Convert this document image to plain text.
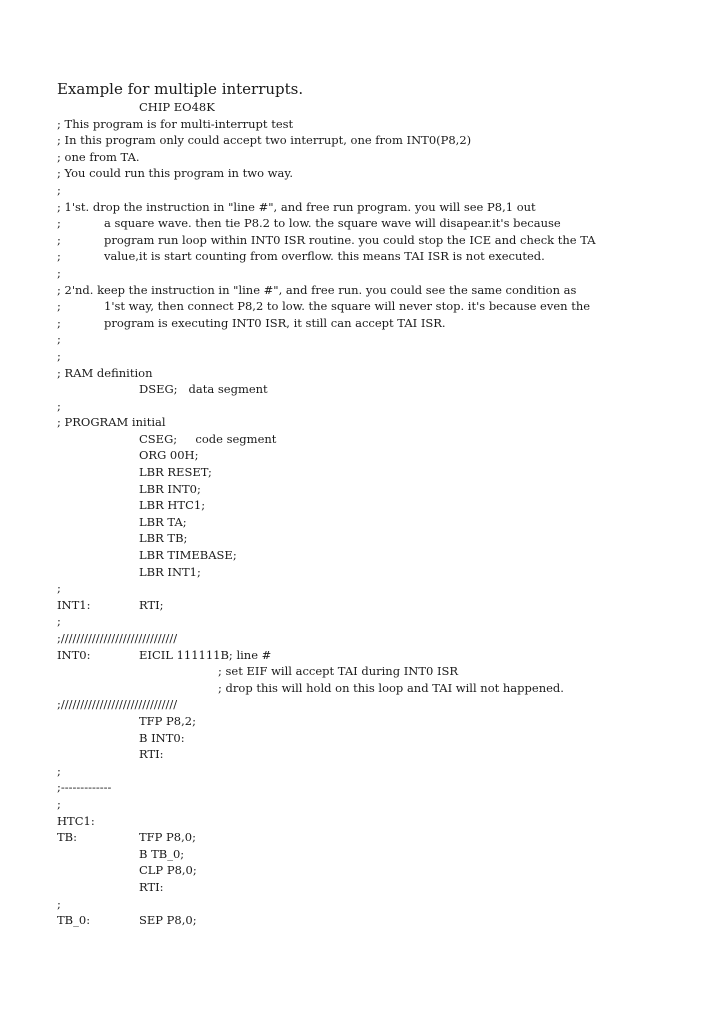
Example for multiple interrupts.
CHIP EO48K
; This program is for multi-interrupt test
; In this program only could accept two interrupt, one from INT0(P8,2)
; one from TA.
; You could run this program in two way.
;
; 1'st. drop the instruction in "line #", and free run program. you will see P8,1 out
;	a square wave. then tie P8.2 to low. the square wave will disapear.it's because
;	program run loop within INT0 ISR routine. you could stop the ICE and check the TA
;	value,it is start counting from overflow. this means TAI ISR is not executed.
;
; 2'nd. keep the instruction in "line #", and free run. you could see the same condition as
;	1'st way, then connect P8,2 to low. the square will never stop. it's because even the
;	program is executing INT0 ISR, it still can accept TAI ISR.
;
;
; RAM definition
DSEG;   data segment
;
; PROGRAM initial
CSEG;     code segment
ORG 00H;
LBR RESET;
LBR INT0;
LBR HTC1;
LBR TA;
LBR TB;
LBR TIMEBASE;
LBR INT1;
;
INT1:	RTI;
;
;//////////////////////////////
INT0:	EICIL 111111B; line #
; set EIF will accept TAI during INT0 ISR
; drop this will hold on this loop and TAI will not happened.
;//////////////////////////////
TFP P8,2;
B INT0:
RTI:
;
;-------------
;
HTC1:
TB:	TFP P8,0;
B TB_0;
CLP P8,0;
RTI:
;
TB_0:	SEP P8,0;
